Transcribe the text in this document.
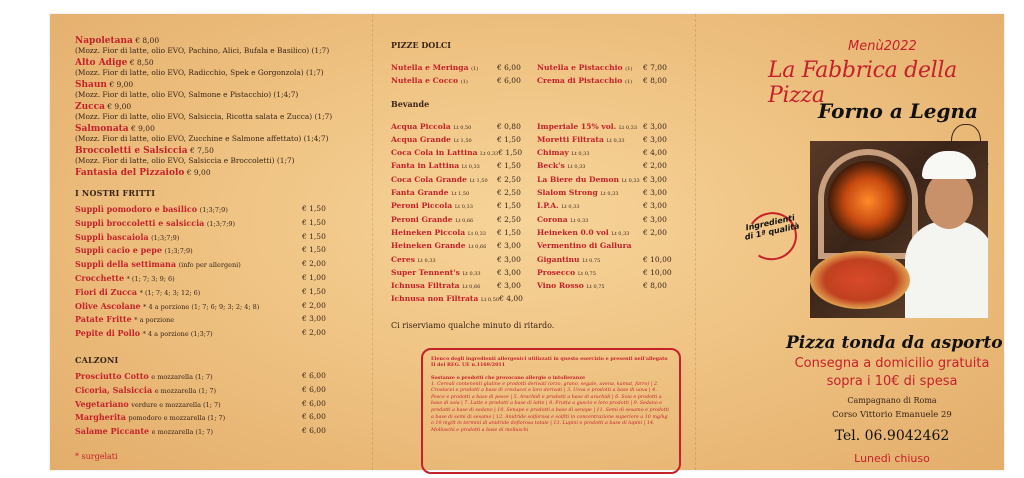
Napoletana € 8,00
(Mozz. Fior di latte, olio EVO, Pachino, Alici, Bufala e Basilico) (1;7)
Alto Adige € 8,50
(Mozz. Fior di latte, olio EVO, Radicchio, Spek e Gorgonzola) (1;7)
Shaun € 9,00
(Mozz. Fior di latte, olio EVO, Salmone e Pistacchio) (1;4;7)
Zucca € 9,00
(Mozz. Fior di latte, olio EVO, Salsiccia, Ricotta salata e Zucca) (1;7)
Salmonata € 9,00
(Mozz. Fior di latte, olio EVO, Zucchine e Salmone affettato) (1;4;7)
Broccoletti e Salsiccia € 7,50
(Mozz. Fior di latte, olio EVO, Salsiccia e Broccoletti) (1;7)
Fantasia del Pizzaiolo € 9,00
I NOSTRI FRITTI
Supplì pomodoro e basilico (1;3;7;9)	€ 1,50
Supplì broccoletti e salsiccia (1;3;7;9)	€ 1,50
Supplì bascaiola (1;3;7;9)	€ 1,50
Supplì cacio e pepe (1;3;7;9)	€ 1,50
Supplì della settimana (info per allergeni)	€ 2,00
Crocchette * (1; 7; 3; 9; 6)	€ 1,00
Fiori di Zucca * (1; 7; 4; 3; 12; 6)	€ 1,50
Olive Ascolane * 4 a porzione (1; 7; 6; 9; 3; 2; 4; 8)	€ 2,00
Patate Fritte * a porzione	€ 3,00
Pepite di Pollo * 4 a porzione (1;3;7)	€ 2,00
CALZONI
Prosciutto Cotto e mozzarella (1; 7)	€ 6,00
Cicoria, Salsiccia e mozzarella (1; 7)	€ 6,00
Vegetariano verdure e mozzarella (1; 7)	€ 6,00
Margherita pomodoro e mozzarella (1; 7)	€ 6,00
Salame Piccante e mozzarella (1; 7)	€ 6,00
* surgelati
PIZZE DOLCI
Nutella e Meringa (1)	€ 6,00
Nutella e Cocco (1)	€ 6,00
Nutella e Pistacchio (1)	€ 7,00
Crema di Pistacchio (1)	€ 8,00
Bevande
Acqua Piccola Lt 0,50	€ 0,80
Acqua Grande Lt 1,50	€ 1,50
Coca Cola in Lattina Lt 0,33 € 1,50
Fanta in Lattina Lt 0,33	€ 1,50
Coca Cola Grande Lt 1,50	€ 2,50
Fanta Grande Lt 1,50	€ 2,50
Peroni Piccola Lt 0,33	€ 1,50
Peroni Grande Lt 0,66	€ 2,50
Heineken Piccola Lt 0,33	€ 1,50
Heineken Grande Lt 0,66	€ 3,00
Ceres Lt 0,33	€ 3,00
Super Tennent's Lt 0,33	€ 3,00
Ichnusa Filtrata Lt 0,66	€ 3,00
Ichnusa non Filtrata Lt 0,50 € 4,00
Imperiale 15% vol. Lt 0,33 € 3,00
Moretti Filtrata Lt 0,33	€ 3,00
Chimay Lt 0,33	€ 4,00
Beck's Lt 0,33	€ 2,00
La Biere du Demon Lt 0,33 € 3,00
Slalom Strong Lt 0,33	€ 3,00
I.P.A. Lt 0,33	€ 3,00
Corona Lt 0,33	€ 3,00
Heineken 0.0 vol Lt 0,33	€ 2,00
Vermentino di Gallura
Gigantinu Lt 0,75	€ 10,00
Prosecco Lt 0,75	€ 10,00
Vino Rosso Lt 0,75	€ 8,00
Ci riserviamo qualche minuto di ritardo.
Elenco degli ingredienti allergenici utilizzati in questo esercizio e presenti nell'allegato II del REG. UE n.1169/2011
Sostanze o prodotti che provocano allergie o intolleranze
1. Cereali contenenti glutine e prodotti derivati (orzo, grano, segale, avena, kamut, farro) | 2. Crostacei e prodotti a base di crostacei e loro derivati | 3. Uova e prodotti a base di uova | 4. Pesce e prodotti a base di pesce | 5. Arachidi e prodotti a base di arachidi | 6. Soia e prodotti a base di soia | 7. Latte e prodotti a base di latte | 8. Frutta a guscio e loro prodotti | 9. Sedano e prodotti a base di sedano | 10. Senape e prodotti a base di senape | 11. Semi di sesamo e prodotti a base di semi di sesamo | 12. Anidride solforosa e solfiti in concentrazione superiore a 10 mg/kg o 10 mg/lt in termini di anidride dofiorosa totale | 13. Lupini e prodotti a base di lupini | 14. Molluschi e prodotti a base di molluschi
Menù2022
La Fabbrica della Pizza
Forno a Legna
Ingredienti di 1ª qualità
Pizza tonda da asporto
Consegna a domicilio gratuita
sopra i 10€ di spesa
Campagnano di Roma
Corso Vittorio Emanuele 29
Tel. 06.9042462
Lunedì chiuso
